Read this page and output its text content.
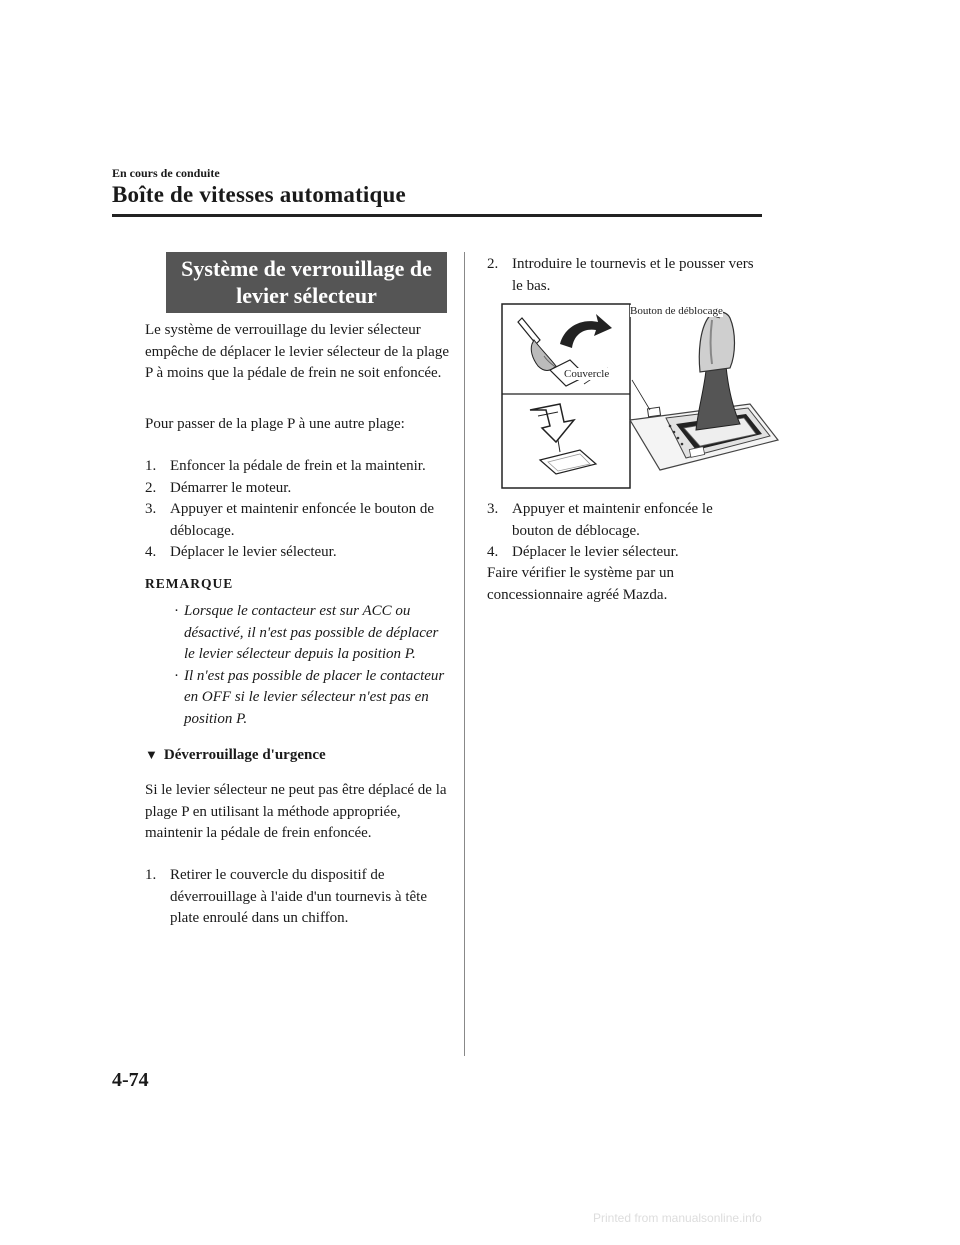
En cours de conduite
Boîte de vitesses automatique
Système de verrouillage de levier sélecteur
Le système de verrouillage du levier sélecteur empêche de déplacer le levier sélecteur de la plage P à moins que la pédale de frein ne soit enfoncée.
Pour passer de la plage P à une autre plage:
1. Enfoncer la pédale de frein et la maintenir.
2. Démarrer le moteur.
3. Appuyer et maintenir enfoncée le bouton de déblocage.
4. Déplacer le levier sélecteur.
REMARQUE
· Lorsque le contacteur est sur ACC ou désactivé, il n'est pas possible de déplacer le levier sélecteur depuis la position P.
· Il n'est pas possible de placer le contacteur en OFF si le levier sélecteur n'est pas en position P.
▼ Déverrouillage d'urgence
Si le levier sélecteur ne peut pas être déplacé de la plage P en utilisant la méthode appropriée, maintenir la pédale de frein enfoncée.
1. Retirer le couvercle du dispositif de déverrouillage à l'aide d'un tournevis à tête plate enroulé dans un chiffon.
2. Introduire le tournevis et le pousser vers le bas.
Bouton de déblocage
Couvercle
3. Appuyer et maintenir enfoncée le bouton de déblocage.
4. Déplacer le levier sélecteur.
Faire vérifier le système par un concessionnaire agréé Mazda.
4-74
Printed from manualsonline.info
